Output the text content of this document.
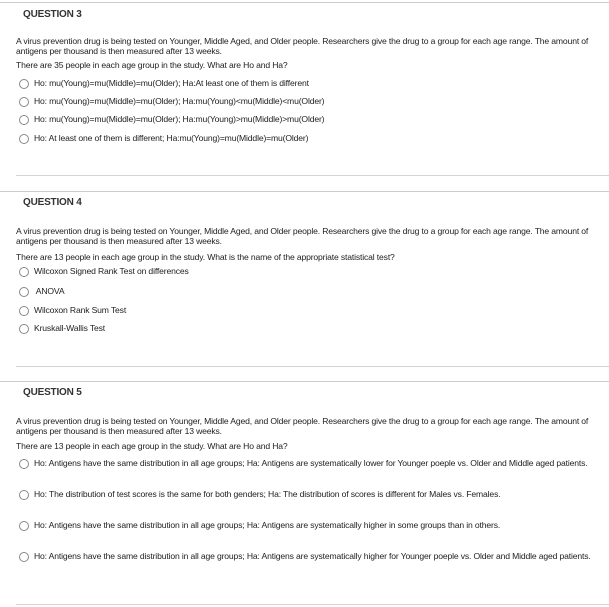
QUESTION 3
A virus prevention drug is being tested on Younger, Middle Aged, and Older people. Researchers give the drug to a group for each age range. The amount of antigens per thousand is then measured after 13 weeks.
There are 35 people in each age group in the study. What are Ho and Ha?
Ho: mu(Young)=mu(Middle)=mu(Older); Ha:At least one of them is different
Ho: mu(Young)=mu(Middle)=mu(Older); Ha:mu(Young)<mu(Middle)<mu(Older)
Ho: mu(Young)=mu(Middle)=mu(Older); Ha:mu(Young)>mu(Middle)>mu(Older)
Ho: At least one of them is different; Ha:mu(Young)=mu(Middle)=mu(Older)
QUESTION 4
A virus prevention drug is being tested on Younger, Middle Aged, and Older people. Researchers give the drug to a group for each age range. The amount of antigens per thousand is then measured after 13 weeks.
There are 13 people in each age group in the study. What is the name of the appropriate statistical test?
Wilcoxon Signed Rank Test on differences
ANOVA
Wilcoxon Rank Sum Test
Kruskall-Wallis Test
QUESTION 5
A virus prevention drug is being tested on Younger, Middle Aged, and Older people. Researchers give the drug to a group for each age range. The amount of antigens per thousand is then measured after 13 weeks.
There are 13 people in each age group in the study. What are Ho and Ha?
Ho: Antigens have the same distribution in all age groups; Ha: Antigens are systematically lower for Younger poeple vs. Older and Middle aged patients.
Ho: The distribution of test scores is the same for both genders; Ha: The distribution of scores is different for Males vs. Females.
Ho: Antigens have the same distribution in all age groups; Ha: Antigens are systematically higher in some groups than in others.
Ho: Antigens have the same distribution in all age groups; Ha: Antigens are systematically higher for Younger poeple vs. Older and Middle aged patients.
